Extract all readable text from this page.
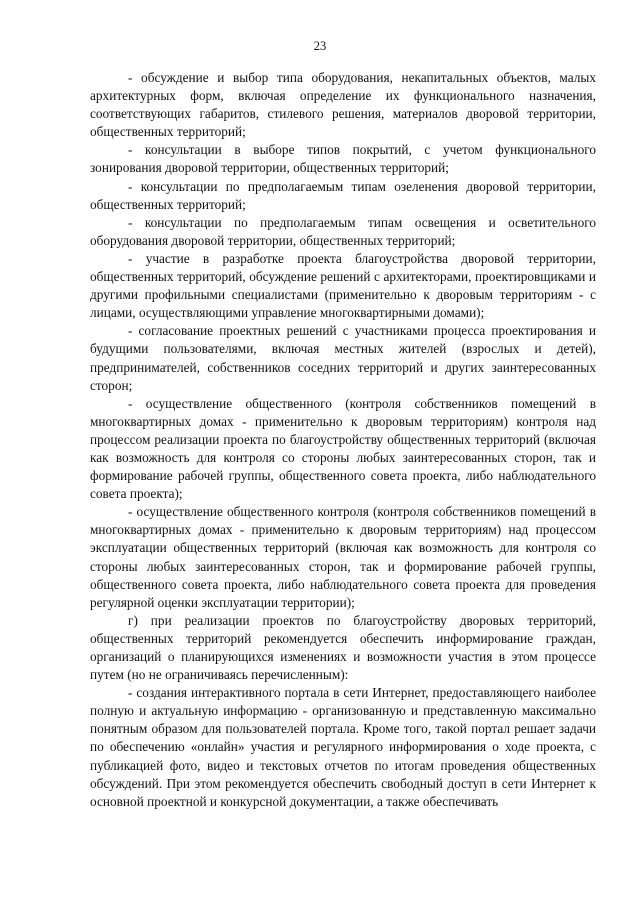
23

- обсуждение и выбор типа оборудования, некапитальных объектов, малых архитектурных форм, включая определение их функционального назначения, соответствующих габаритов, стилевого решения, материалов дворовой территории, общественных территорий;

- консультации в выборе типов покрытий, с учетом функционального зонирования дворовой территории, общественных территорий;

- консультации по предполагаемым типам озеленения дворовой территории, общественных территорий;

- консультации по предполагаемым типам освещения и осветительного оборудования дворовой территории, общественных территорий;

- участие в разработке проекта благоустройства дворовой территории, общественных территорий, обсуждение решений с архитекторами, проектировщиками и другими профильными специалистами (применительно к дворовым территориям - с лицами, осуществляющими управление многоквартирными домами);

- согласование проектных решений с участниками процесса проектирования и будущими пользователями, включая местных жителей (взрослых и детей), предпринимателей, собственников соседних территорий и других заинтересованных сторон;

- осуществление общественного (контроля собственников помещений в многоквартирных домах - применительно к дворовым территориям) контроля над процессом реализации проекта по благоустройству общественных территорий (включая как возможность для контроля со стороны любых заинтересованных сторон, так и формирование рабочей группы, общественного совета проекта, либо наблюдательного совета проекта);

- осуществление общественного контроля (контроля собственников помещений в многоквартирных домах - применительно к дворовым территориям) над процессом эксплуатации общественных территорий (включая как возможность для контроля со стороны любых заинтересованных сторон, так и формирование рабочей группы, общественного совета проекта, либо наблюдательного совета проекта для проведения регулярной оценки эксплуатации территории);

г) при реализации проектов по благоустройству дворовых территорий, общественных территорий рекомендуется обеспечить информирование граждан, организаций о планирующихся изменениях и возможности участия в этом процессе путем (но не ограничиваясь перечисленным):

- создания интерактивного портала в сети Интернет, предоставляющего наиболее полную и актуальную информацию - организованную и представленную максимально понятным образом для пользователей портала. Кроме того, такой портал решает задачи по обеспечению «онлайн» участия и регулярного информирования о ходе проекта, с публикацией фото, видео и текстовых отчетов по итогам проведения общественных обсуждений. При этом рекомендуется обеспечить свободный доступ в сети Интернет к основной проектной и конкурсной документации, а также обеспечивать
